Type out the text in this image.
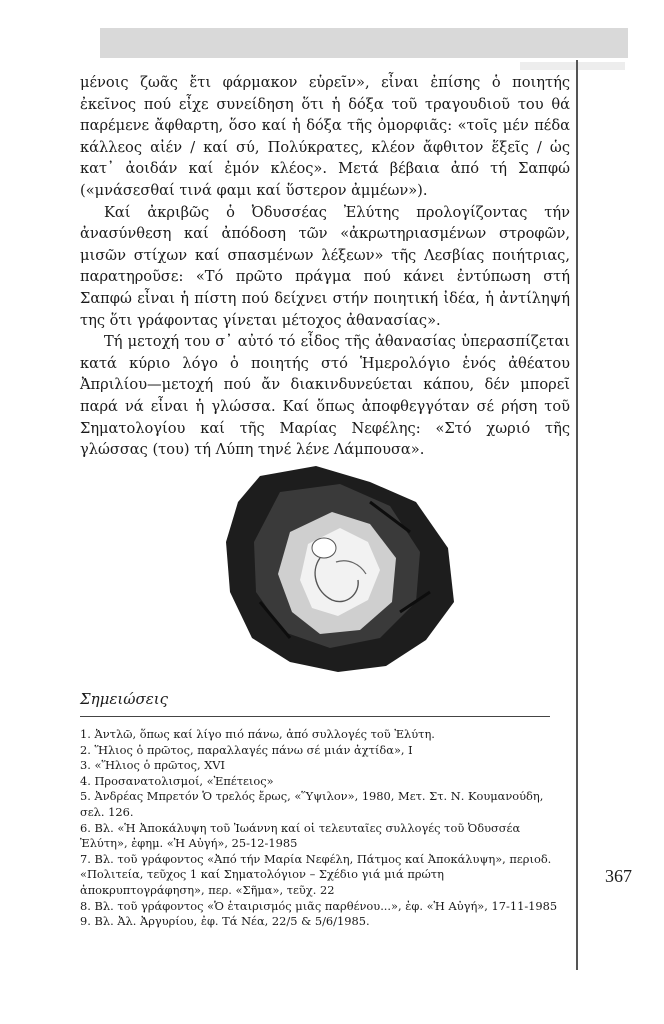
μένοις ζωᾶς ἔτι φάρμακον εὑρεῖν», εἶναι ἐπίσης ὁ ποιητής ἐκεῖνος πού εἶχε συνείδηση ὅτι ἡ δόξα τοῦ τραγουδιοῦ του θά παρέμενε ἄφθαρτη, ὅσο καί ἡ δόξα τῆς ὀμορφιᾶς: «τοῖς μέν πέδα κάλλεος αἰέν / καί σύ, Πολύκρατες, κλέον ἄφθιτον ἕξεῖς / ὡς κατ᾽ ἀοιδάν καί ἐμόν κλέος». Μετά βέβαια ἀπό τή Σαπφώ («μνάσεσθαί τινά φαμι καί ὕστερον ἀμμέων»).

Καί ἀκριβῶς ὁ Ὀδυσσέας Ἐλύτης προλογίζοντας τήν ἀνασύνθεση καί ἀπόδοση τῶν «ἀκρωτηριασμένων στροφῶν, μισῶν στίχων καί σπασμένων λέξεων» τῆς Λεσβίας ποιήτριας, παρατηροῦσε: «Τό πρῶτο πράγμα πού κάνει ἐντύπωση στή Σαπφώ εἶναι ἡ πίστη πού δείχνει στήν ποιητική ἰδέα, ἡ ἀντίληψή της ὅτι γράφοντας γίνεται μέτοχος ἀθανασίας».

Τή μετοχή του σ᾽ αὐτό τό εἶδος τῆς ἀθανασίας ὑπερασπίζεται κατά κύριο λόγο ὁ ποιητής στό Ἡμερολόγιο ἑνός ἀθέατου Ἀπριλίου—μετοχή πού ἄν διακινδυνεύεται κάπου, δέν μπορεῖ παρά νά εἶναι ἡ γλώσσα. Καί ὅπως ἀποφθεγγόταν σέ ρήση τοῦ Σηματολογίου καί τῆς Μαρίας Νεφέλης: «Στό χωριό τῆς γλώσσας (του) τή Λύπη τηνέ λένε Λάμπουσα».

Σημειώσεις
1. Ἀντλῶ, ὅπως καί λίγο πιό πάνω, ἀπό συλλογές τοῦ Ἐλύτη.
2. Ἥλιος ὁ πρῶτος, παραλλαγές πάνω σέ μιάν ἀχτίδα», Ι
3. «Ἥλιος ὁ πρῶτος, XVI
4. Προσανατολισμοί, «Ἐπέτειος»
5. Ἀνδρέας Μπρετόν Ὁ τρελός ἔρως, «Ὕψιλον», 1980, Μετ. Στ. Ν. Κουμανούδη, σελ. 126.
6. Βλ. «Ἡ Ἀποκάλυψη τοῦ Ἰωάννη καί οἱ τελευταῖες συλλογές τοῦ Ὀδυσσέα Ἐλύτη», ἐφημ. «Ἡ Αὐγή», 25-12-1985
7. Βλ. τοῦ γράφοντος «Ἀπό τήν Μαρία Νεφέλη, Πάτμος καί Ἀποκάλυψη», περιοδ. «Πολιτεία, τεῦχος 1 καί Σηματολόγιον – Σχέδιο γιά μιά πρώτη ἀποκρυπτογράφηση», περ. «Σῆμα», τεῦχ. 22
8. Βλ. τοῦ γράφοντος «Ὁ ἑταιρισμός μιᾶς παρθένου...», ἐφ. «Ἡ Αὐγή», 17-11-1985
9. Βλ. Ἀλ. Ἀργυρίου, ἐφ. Τά Νέα, 22/5 & 5/6/1985.
367
